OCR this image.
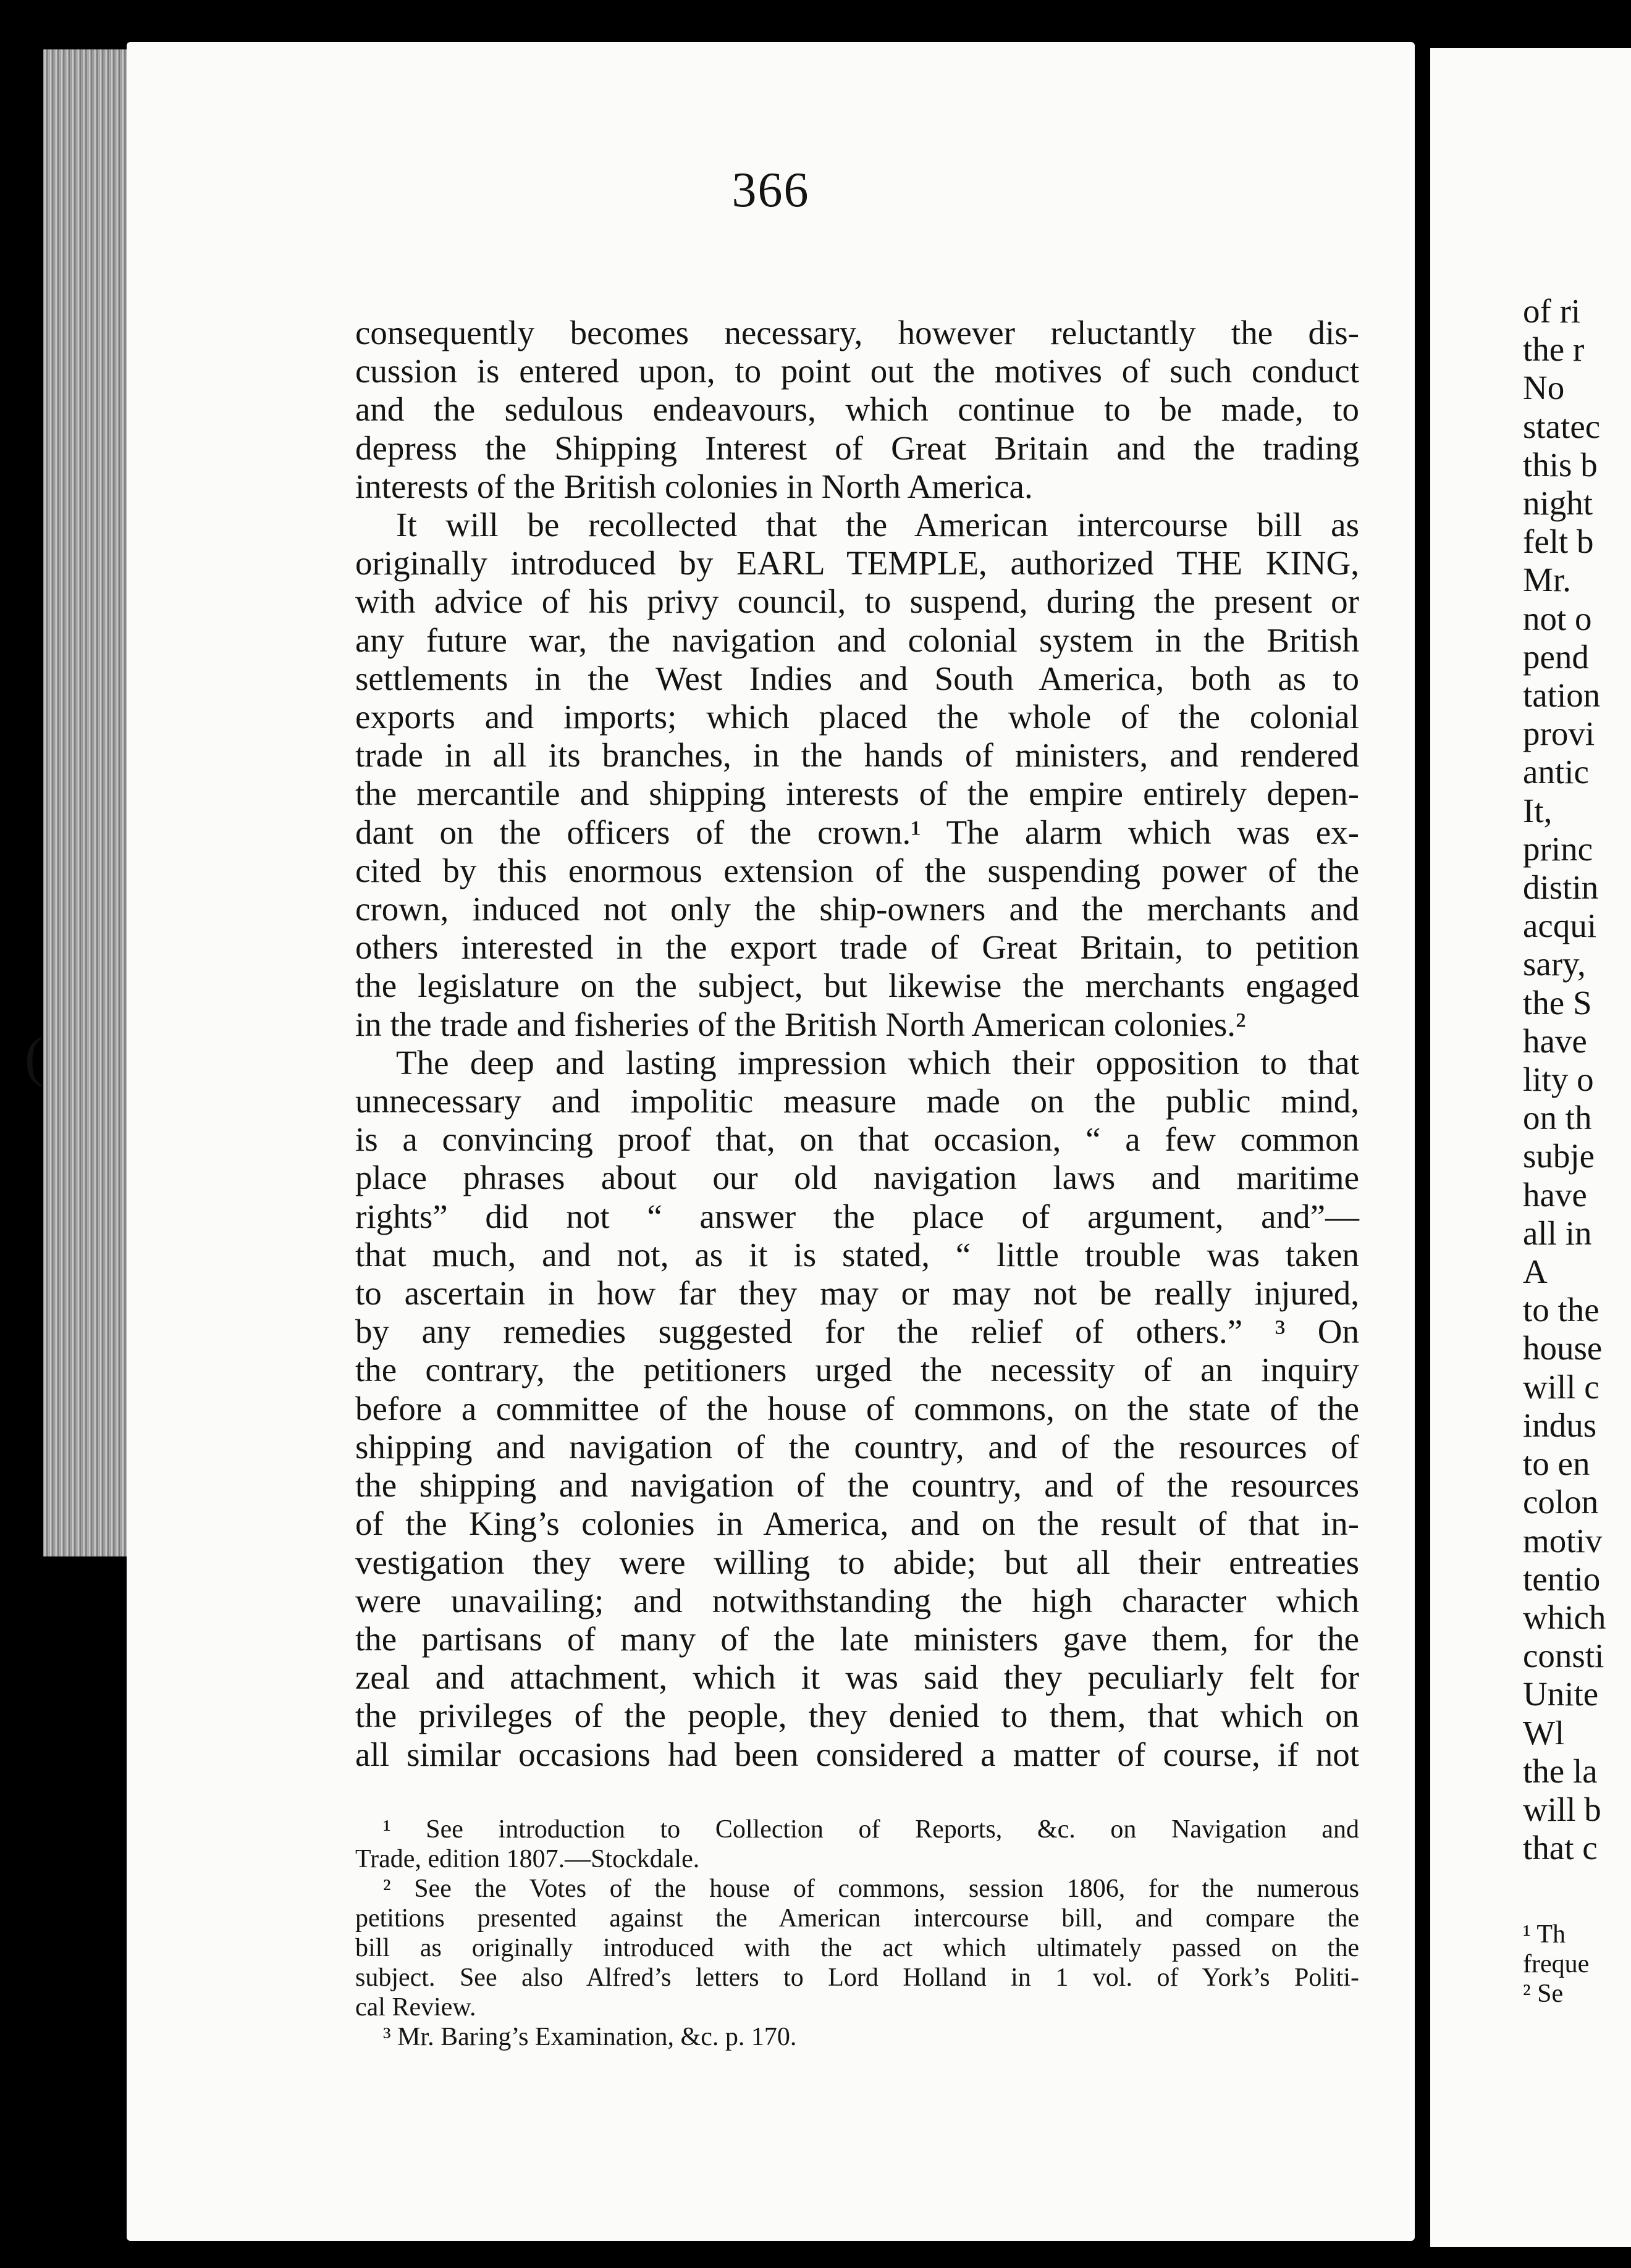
366
consequently becomes necessary, however reluctantly the dis-
cussion is entered upon, to point out the motives of such conduct
and the sedulous endeavours, which continue to be made, to
depress the Shipping Interest of Great Britain and the trading
interests of the British colonies in North America.
It will be recollected that the American intercourse bill as
originally introduced by EARL TEMPLE, authorized THE KING,
with advice of his privy council, to suspend, during the present or
any future war, the navigation and colonial system in the British
settlements in the West Indies and South America, both as to
exports and imports; which placed the whole of the colonial
trade in all its branches, in the hands of ministers, and rendered
the mercantile and shipping interests of the empire entirely depen-
dant on the officers of the crown.¹ The alarm which was ex-
cited by this enormous extension of the suspending power of the
crown, induced not only the ship-owners and the merchants and
others interested in the export trade of Great Britain, to petition
the legislature on the subject, but likewise the merchants engaged
in the trade and fisheries of the British North American colonies.²
The deep and lasting impression which their opposition to that
unnecessary and impolitic measure made on the public mind,
is a convincing proof that, on that occasion, “ a few common
place phrases about our old navigation laws and maritime
rights” did not “ answer the place of argument, and”—
that much, and not, as it is stated, “ little trouble was taken
to ascertain in how far they may or may not be really injured,
by any remedies suggested for the relief of others.” ³ On
the contrary, the petitioners urged the necessity of an inquiry
before a committee of the house of commons, on the state of the
shipping and navigation of the country, and of the resources of
the shipping and navigation of the country, and of the resources
of the King’s colonies in America, and on the result of that in-
vestigation they were willing to abide; but all their entreaties
were unavailing; and notwithstanding the high character which
the partisans of many of the late ministers gave them, for the
zeal and attachment, which it was said they peculiarly felt for
the privileges of the people, they denied to them, that which on
all similar occasions had been considered a matter of course, if not
¹ See introduction to Collection of Reports, &c. on Navigation and
Trade, edition 1807.—Stockdale.
² See the Votes of the house of commons, session 1806, for the numerous
petitions presented against the American intercourse bill, and compare the
bill as originally introduced with the act which ultimately passed on the
subject. See also Alfred’s letters to Lord Holland in 1 vol. of York’s Politi-
cal Review.
³ Mr. Baring’s Examination, &c. p. 170.
of ri
the r
No
statec
this b
night
felt b
Mr.
not o
pend
tation
provi
antic
It,
princ
distin
acqui
sary,
the S
have
lity o
on th
subje
have
all in
A
to the
house
will c
indus
to en
colon
motiv
tentio
which
consti
Unite
Wl
the la
will b
that c
¹ Th
freque
² Se
(
